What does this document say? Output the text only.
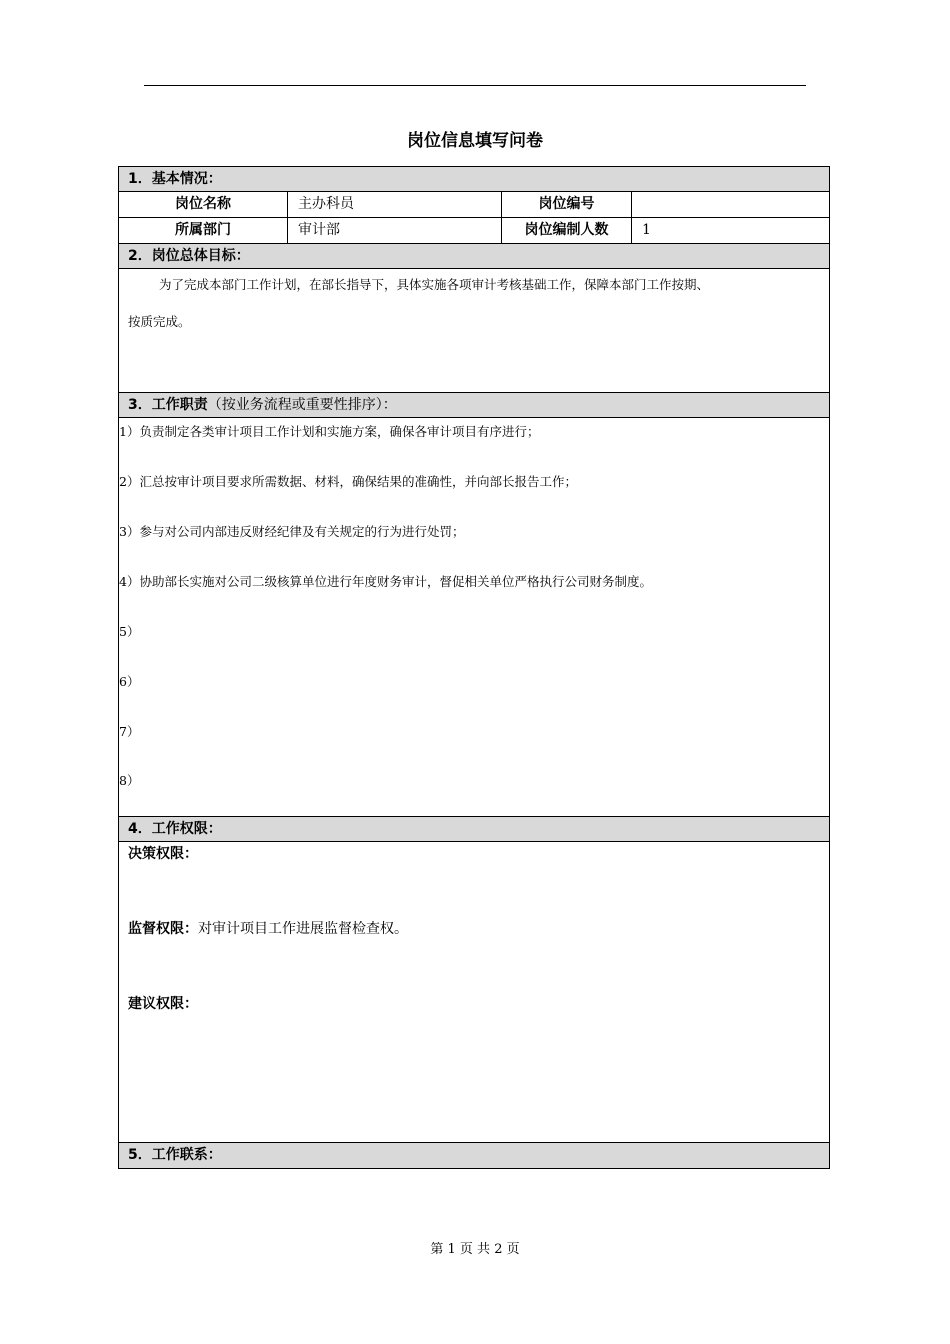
岗位信息填写问卷
1．基本情况：
岗位名称	主办科员	岗位编号
所属部门	审计部	岗位编制人数	1
2．岗位总体目标：
为了完成本部门工作计划，在部长指导下，具体实施各项审计考核基础工作，保障本部门工作按期、
按质完成。
3．工作职责（按业务流程或重要性排序）：
1）负责制定各类审计项目工作计划和实施方案，确保各审计项目有序进行；
2）汇总按审计项目要求所需数据、材料，确保结果的准确性，并向部长报告工作；
3）参与对公司内部违反财经纪律及有关规定的行为进行处罚；
4）协助部长实施对公司二级核算单位进行年度财务审计，督促相关单位严格执行公司财务制度。
5）
6）
7）
8）
4．工作权限：
决策权限：
监督权限：对审计项目工作进展监督检查权。
建议权限：
5．工作联系：
第 1 页 共 2 页
